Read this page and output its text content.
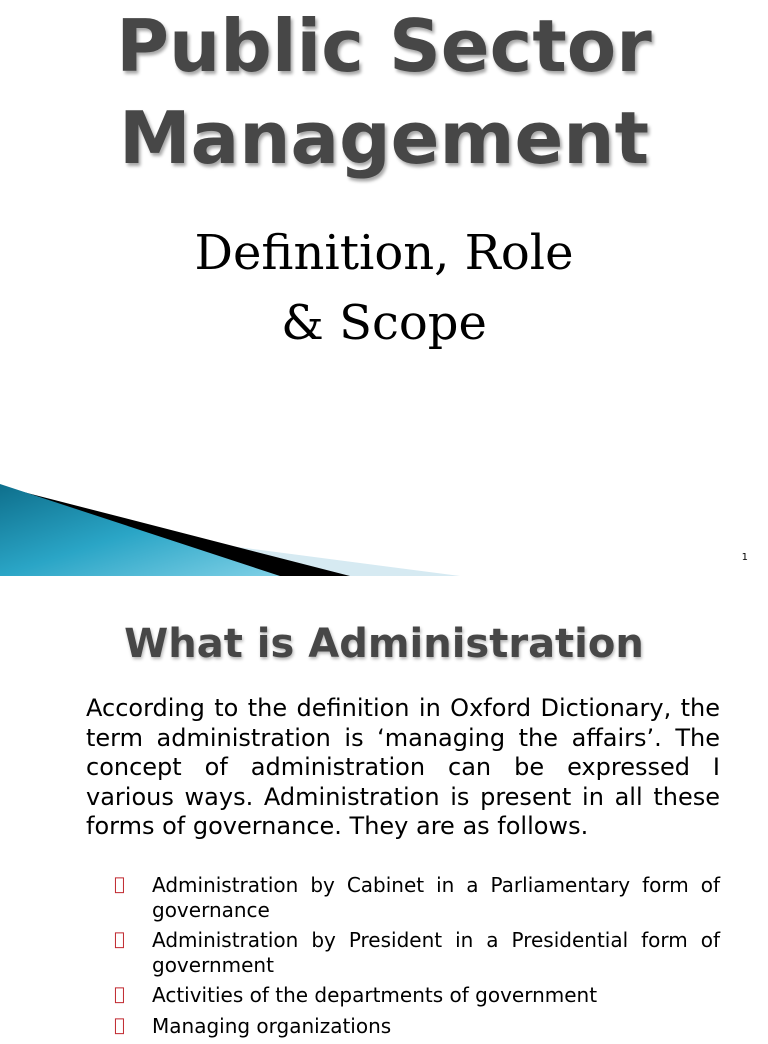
Public Sector
Management
Definition, Role
& Scope
1
What is Administration

According to the definition in Oxford Dictionary, the term administration is ‘managing the affairs’. The concept of administration can be expressed I various ways. Administration is present in all these forms of governance. They are as follows.

Administration by Cabinet in a Parliamentary form of governance
Administration by President in a Presidential form of government
Activities of the departments of government
Managing organizations
